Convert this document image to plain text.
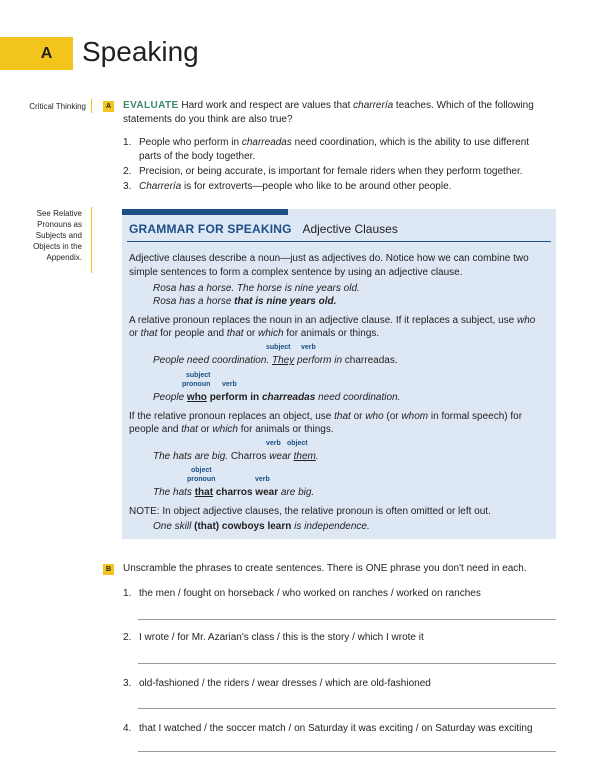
A	Speaking
Critical Thinking
See Relative
Pronouns as
Subjects and
Objects in the
Appendix.
A EVALUATE Hard work and respect are values that charrería teaches. Which of the following
statements do you think are also true?
1. People who perform in charreadas need coordination, which is the ability to use different
parts of the body together.
2. Precision, or being accurate, is important for female riders when they perform together.
3. Charrería is for extroverts—people who like to be around other people.
GRAMMAR FOR SPEAKING Adjective Clauses
Adjective clauses describe a noun—just as adjectives do. Notice how we can combine two
simple sentences to form a complex sentence by using an adjective clause.
Rosa has a horse. The horse is nine years old.
Rosa has a horse that is nine years old.
A relative pronoun replaces the noun in an adjective clause. If it replaces a subject, use who
or that for people and that or which for animals or things.
subject verb
People need coordination. They perform in charreadas.
subject
pronoun verb
People who perform in charreadas need coordination.
If the relative pronoun replaces an object, use that or who (or whom in formal speech) for
people and that or which for animals or things.
verb object
The hats are big. Charros wear them.
object
pronoun	verb
The hats that charros wear are big.
NOTE: In object adjective clauses, the relative pronoun is often omitted or left out.
One skill (that) cowboys learn is independence.
B Unscramble the phrases to create sentences. There is ONE phrase you don't need in each.
1. the men / fought on horseback / who worked on ranches / worked on ranches
2. I wrote / for Mr. Azarian's class / this is the story / which I wrote it
3. old-fashioned / the riders / wear dresses / which are old-fashioned
4. that I watched / the soccer match / on Saturday it was exciting / on Saturday was exciting
